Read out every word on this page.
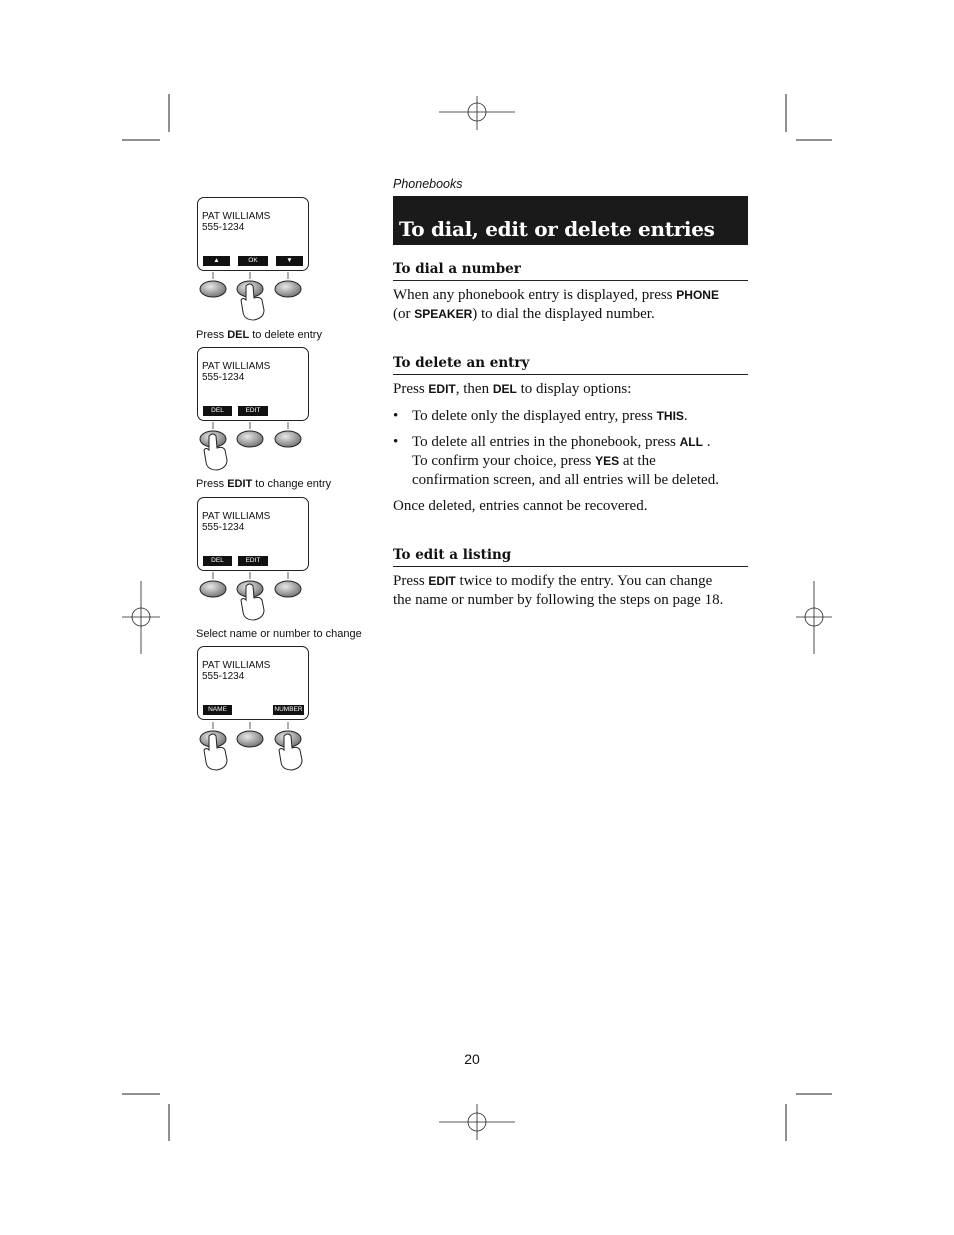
Phonebooks
To dial, edit or delete entries
To dial a number
When any phonebook entry is displayed, press PHONE
(or SPEAKER) to dial the displayed number.
To delete an entry
Press EDIT, then DEL to display options:
• To delete only the displayed entry, press THIS.
• To delete all entries in the phonebook, press ALL .
To confirm your choice, press YES at the
confirmation screen, and all entries will be deleted.
Once deleted, entries cannot be recovered.
To edit a listing
Press EDIT twice to modify the entry. You can change
the name or number by following the steps on page 18.
PAT WILLIAMS
555-1234
▲	OK	▼
Press DEL to delete entry
PAT WILLIAMS
555-1234
DEL	EDIT
Press EDIT to change entry
PAT WILLIAMS
555-1234
DEL	EDIT
Select name or number to change
PAT WILLIAMS
555-1234
NAME	NUMBER
20
